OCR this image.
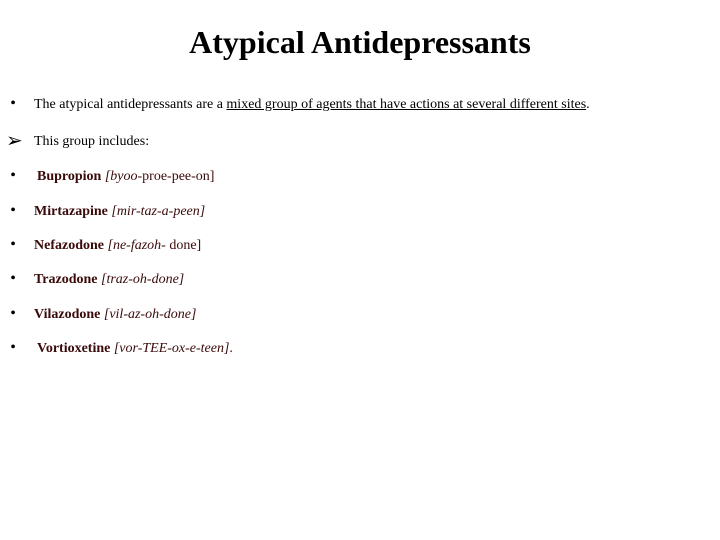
Atypical Antidepressants
•	The atypical antidepressants are a mixed group of agents that have actions at several different sites.
➢ This group includes:
•	Bupropion [byoo-proe-pee-on]
•	Mirtazapine [mir-taz-a-peen]
•	Nefazodone [ne-fazoh- done]
•	Trazodone [traz-oh-done]
•	Vilazodone [vil-az-oh-done]
•	Vortioxetine [vor-TEE-ox-e-teen].
